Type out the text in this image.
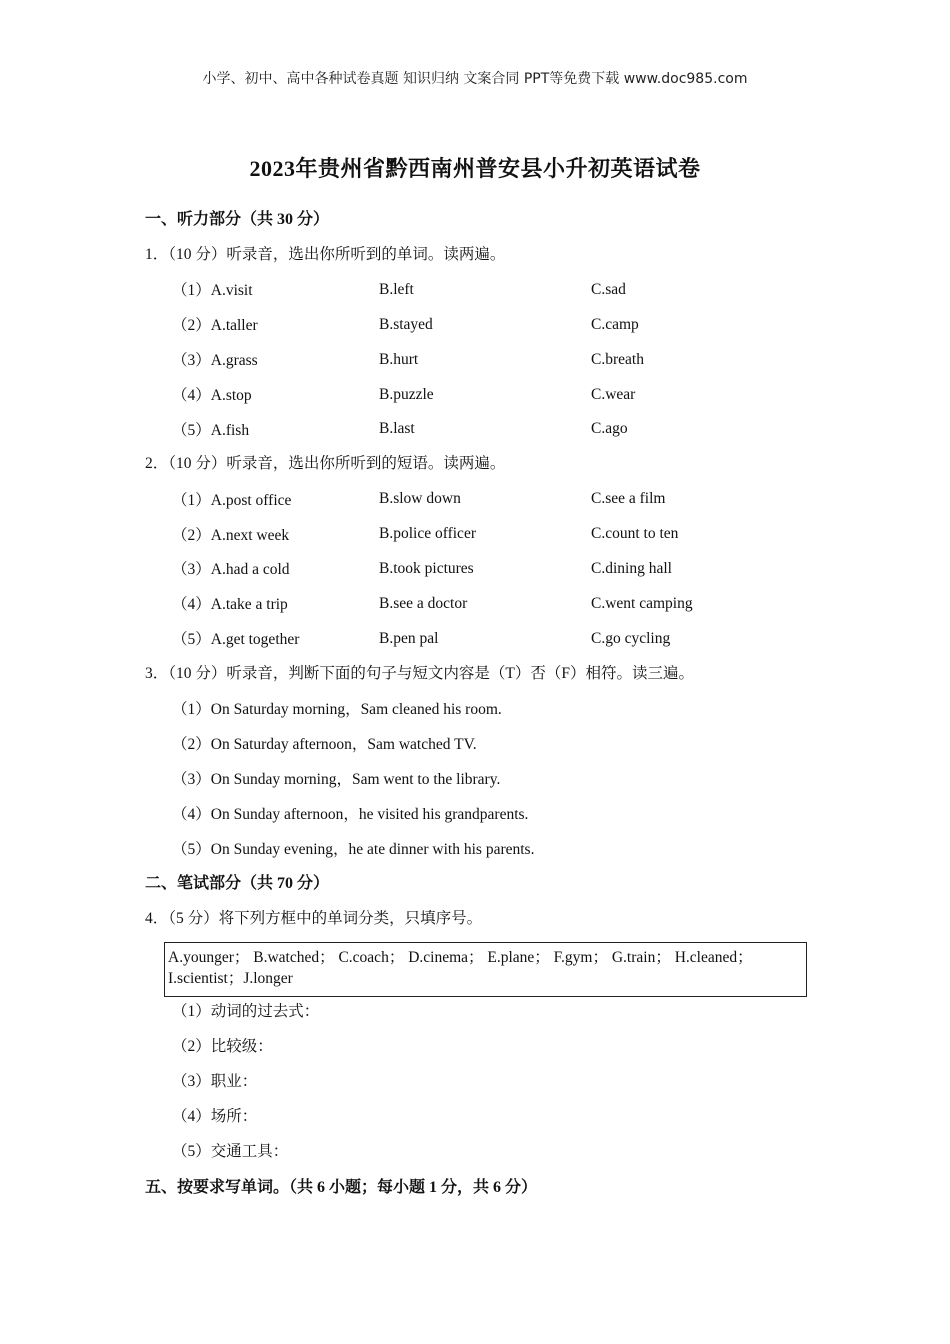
小学、初中、高中各种试卷真题 知识归纳 文案合同 PPT等免费下载 www.doc985.com
2023年贵州省黔西南州普安县小升初英语试卷
一、听力部分（共 30 分）
1．（10 分）听录音，选出你所听到的单词。读两遍。
（1）A.visit	B.left	C.sad
（2）A.taller	B.stayed	C.camp
（3）A.grass	B.hurt	C.breath
（4）A.stop	B.puzzle	C.wear
（5）A.fish	B.last	C.ago
2．（10 分）听录音，选出你所听到的短语。读两遍。
（1）A.post office	B.slow down	C.see a film
（2）A.next week	B.police officer	C.count to ten
（3）A.had a cold	B.took pictures	C.dining hall
（4）A.take a trip	B.see a doctor	C.went camping
（5）A.get together	B.pen pal	C.go cycling
3．（10 分）听录音，判断下面的句子与短文内容是（T）否（F）相符。读三遍。
（1）On Saturday morning，Sam cleaned his room.
（2）On Saturday afternoon，Sam watched TV.
（3）On Sunday morning，Sam went to the library.
（4）On Sunday afternoon，he visited his grandparents.
（5）On Sunday evening，he ate dinner with his parents.
二、笔试部分（共 70 分）
4．（5 分）将下列方框中的单词分类，只填序号。
A.younger； B.watched； C.coach； D.cinema； E.plane； F.gym； G.train； H.cleaned；
I.scientist；J.longer
（1）动词的过去式：
（2）比较级：
（3）职业：
（4）场所：
（5）交通工具：
五、按要求写单词。（共 6 小题；每小题 1 分，共 6 分）
